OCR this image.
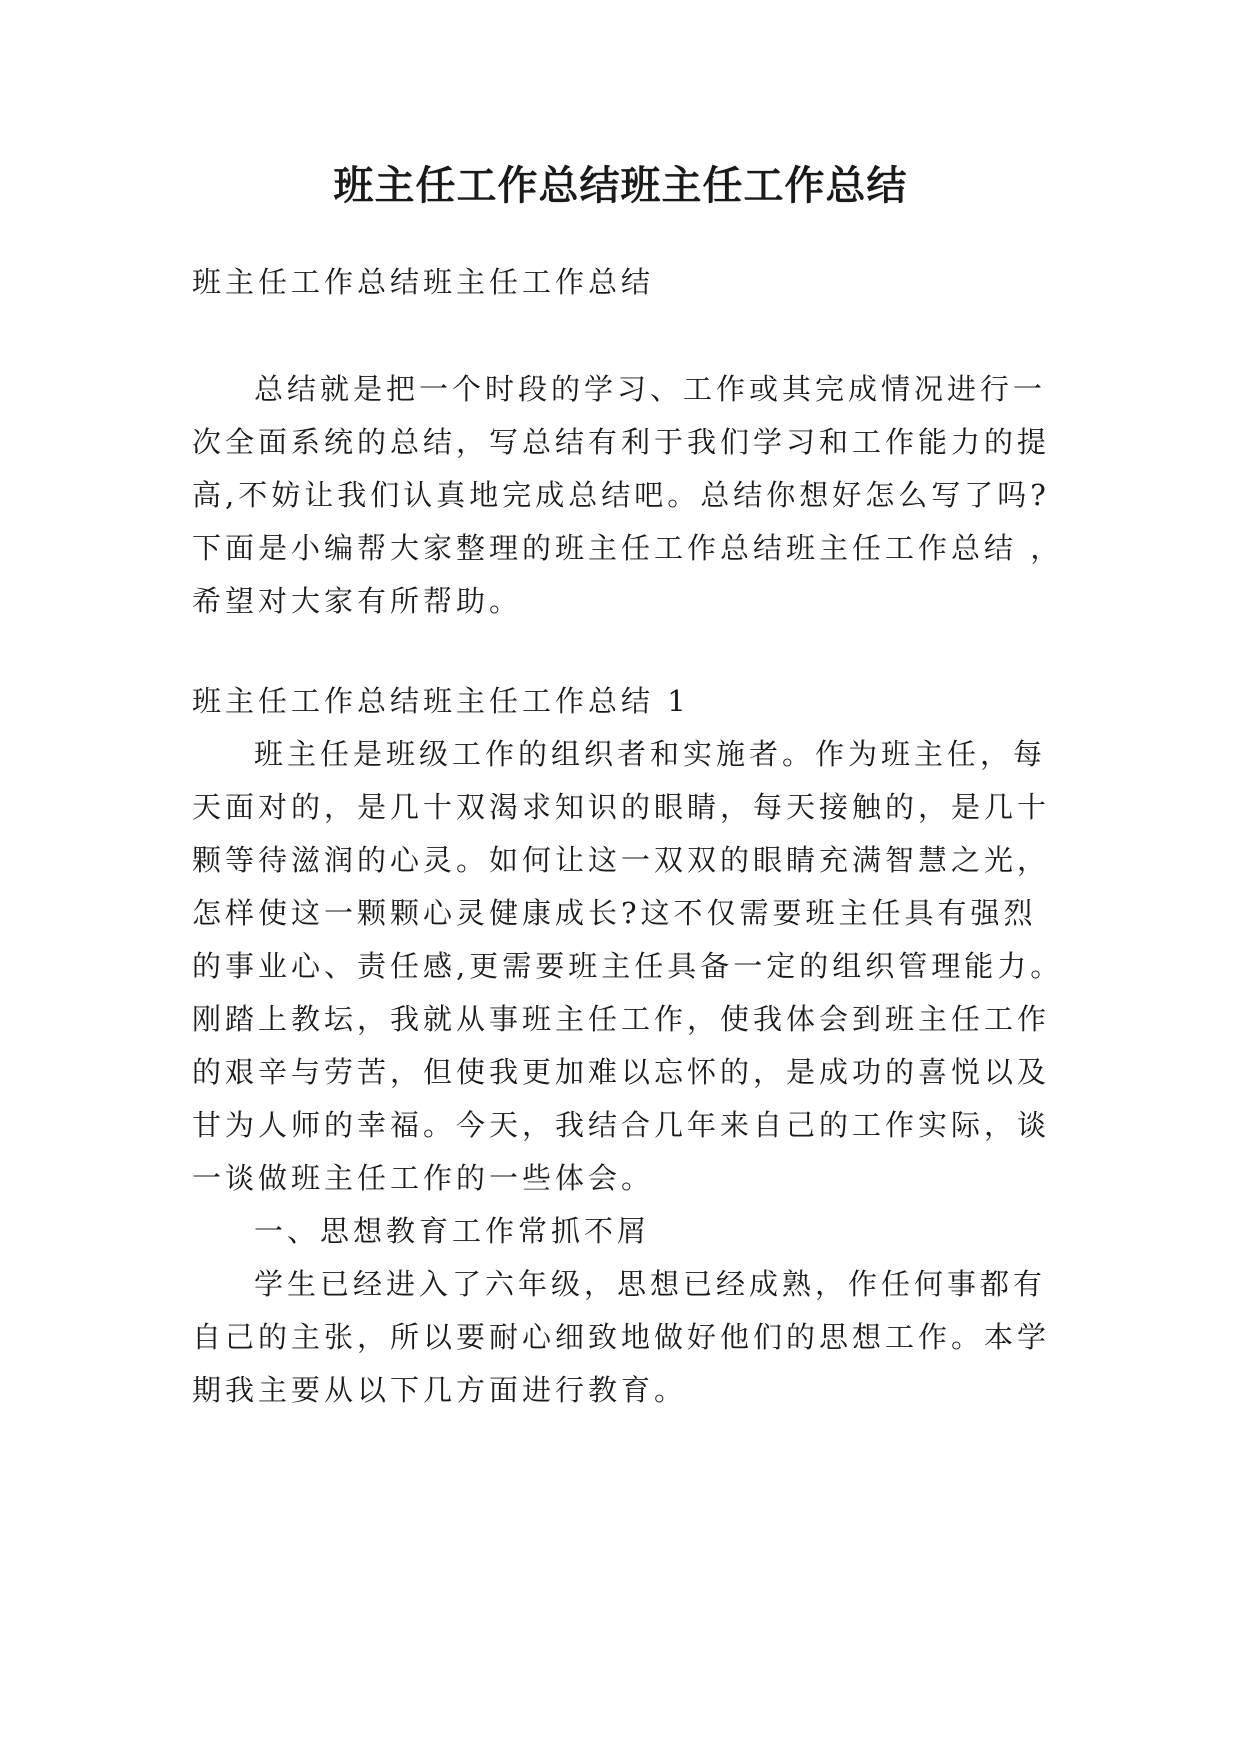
班主任工作总结班主任工作总结
班主任工作总结班主任工作总结
总结就是把一个时段的学习、工作或其完成情况进行一
次全面系统的总结，写总结有利于我们学习和工作能力的提
高,不妨让我们认真地完成总结吧。总结你想好怎么写了吗?
下面是小编帮大家整理的班主任工作总结班主任工作总结 ，
希望对大家有所帮助。
班主任工作总结班主任工作总结 1
班主任是班级工作的组织者和实施者。作为班主任，每
天面对的，是几十双渴求知识的眼睛，每天接触的，是几十
颗等待滋润的心灵。如何让这一双双的眼睛充满智慧之光，
怎样使这一颗颗心灵健康成长?这不仅需要班主任具有强烈
的事业心、责任感,更需要班主任具备一定的组织管理能力。
刚踏上教坛，我就从事班主任工作，使我体会到班主任工作
的艰辛与劳苦，但使我更加难以忘怀的，是成功的喜悦以及
甘为人师的幸福。今天，我结合几年来自己的工作实际，谈
一谈做班主任工作的一些体会。
一、思想教育工作常抓不屑
学生已经进入了六年级，思想已经成熟，作任何事都有
自己的主张，所以要耐心细致地做好他们的思想工作。本学
期我主要从以下几方面进行教育。
